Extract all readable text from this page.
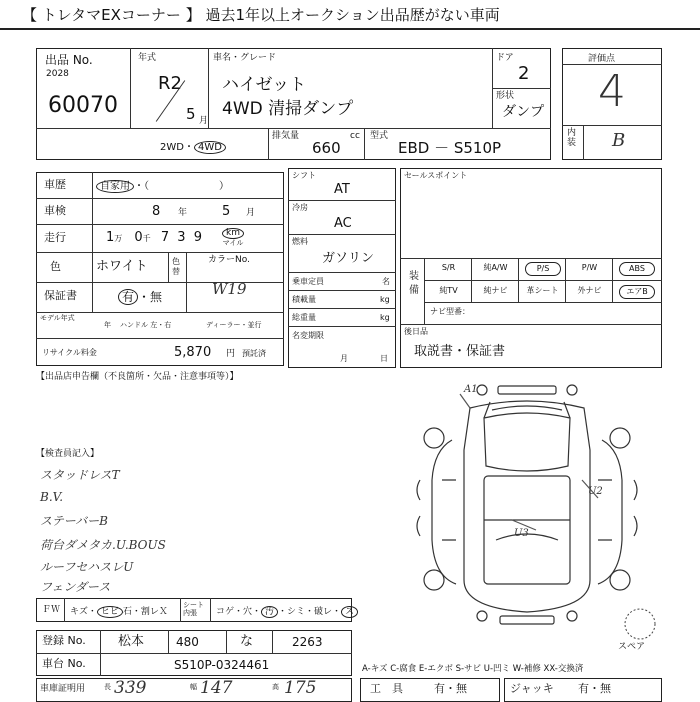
【 トレタマEXコーナー 】 過去1年以上オークション出品歴がない車両
出品 No.
2028
60070
年式
R2
5 月
車名・グレード
ハイゼット
4WD 清掃ダンプ
ドア
2
形状
ダンプ
評価点
4
内装 B
2WD・ 4WD
排気量	cc
660
型式
EBD － S510P
車歴	自家用 ・（　　　　　　　）
車検	8 年	5 月
走行	1万 0千 7 3 9	km
マイル
色	ホワイト	色替
カラーNo.
W19
保証書	有 ・無
モデル年式
年 ハンドル 左・右	ディーラー・並行
リサイクル料金	5,870 円 預託済
シフト
AT
冷房
AC
燃料
ガソリン
乗車定員	名
積載量	kg
総重量	kg
名変期限
月	日
セールスポイント
装備
S/R	純A/W	P/S	P/W	ABS
純TV	純ナビ	革シート	外ナビ	エアB
ナビ型番：
後日品
取説書・保証書
【出品店申告欄（不良箇所・欠品・注意事項等）】
【検査員記入】
スタッドレスT
B.V.
ステーバーB
荷台ダメタカ.U.BOUS
ルーフセハスレU
フェンダース
ＦＷ キズ・ ヒビ 石・割レＸ
シート内張	コゲ・穴・ 汚 ・シミ・破レ・ ス
登録 No. 松本	480	な	2263
車台 No.	S510P-0324461	A-キズ C-腐食 E-エクボ S-サビ U-凹ミ W-補修 XX-交換済
車庫証明用	長 339	幅 147	高 175	工　具	有・無	ジャッキ 有・無
A1
U2
U3
スペア
